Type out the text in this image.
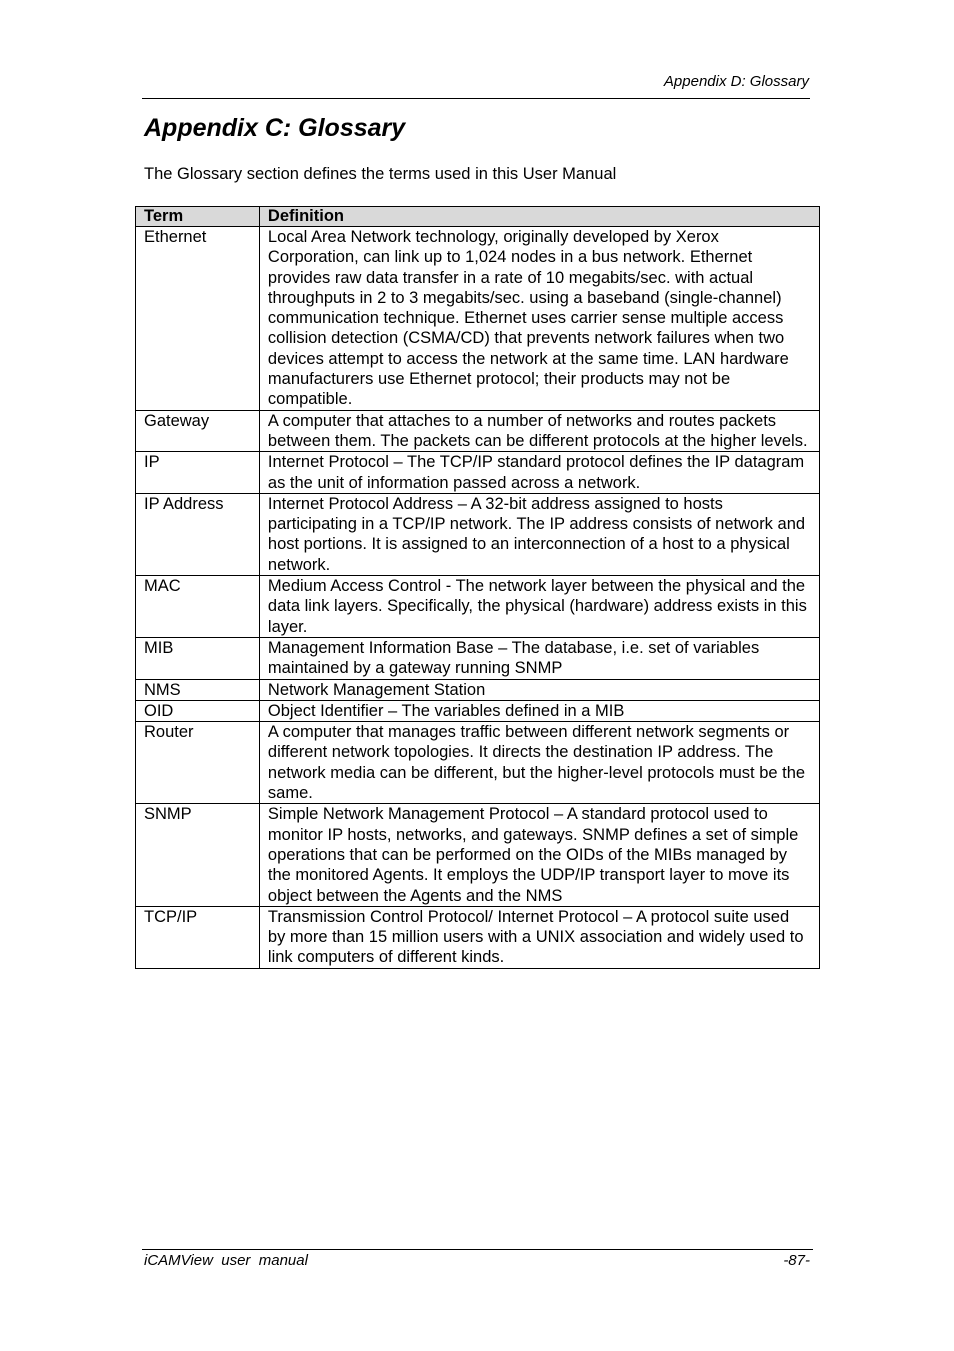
Appendix D: Glossary
Appendix C: Glossary
The Glossary section defines the terms used in this User Manual
Term	Definition
Ethernet	Local Area Network technology, originally developed by Xerox Corporation, can link up to 1,024 nodes in a bus network. Ethernet provides raw data transfer in a rate of 10 megabits/sec. with actual throughputs in 2 to 3 megabits/sec. using a baseband (single-channel) communication technique. Ethernet uses carrier sense multiple access collision detection (CSMA/CD) that prevents network failures when two devices attempt to access the network at the same time. LAN hardware manufacturers use Ethernet protocol; their products may not be compatible.
Gateway	A computer that attaches to a number of networks and routes packets between them. The packets can be different protocols at the higher levels.
IP	Internet Protocol – The TCP/IP standard protocol defines the IP datagram as the unit of information passed across a network.
IP Address	Internet Protocol Address – A 32-bit address assigned to hosts participating in a TCP/IP network. The IP address consists of network and host portions. It is assigned to an interconnection of a host to a physical network.
MAC	Medium Access Control - The network layer between the physical and the data link layers. Specifically, the physical (hardware) address exists in this layer.
MIB	Management Information Base – The database, i.e. set of variables maintained by a gateway running SNMP
NMS	Network Management Station
OID	Object Identifier – The variables defined in a MIB
Router	A computer that manages traffic between different network segments or different network topologies. It directs the destination IP address. The network media can be different, but the higher-level protocols must be the same.
SNMP	Simple Network Management Protocol – A standard protocol used to monitor IP hosts, networks, and gateways. SNMP defines a set of simple operations that can be performed on the OIDs of the MIBs managed by the monitored Agents. It employs the UDP/IP transport layer to move its object between the Agents and the NMS
TCP/IP	Transmission Control Protocol/ Internet Protocol – A protocol suite used by more than 15 million users with a UNIX association and widely used to link computers of different kinds.
iCAMView  user  manual	-87-
